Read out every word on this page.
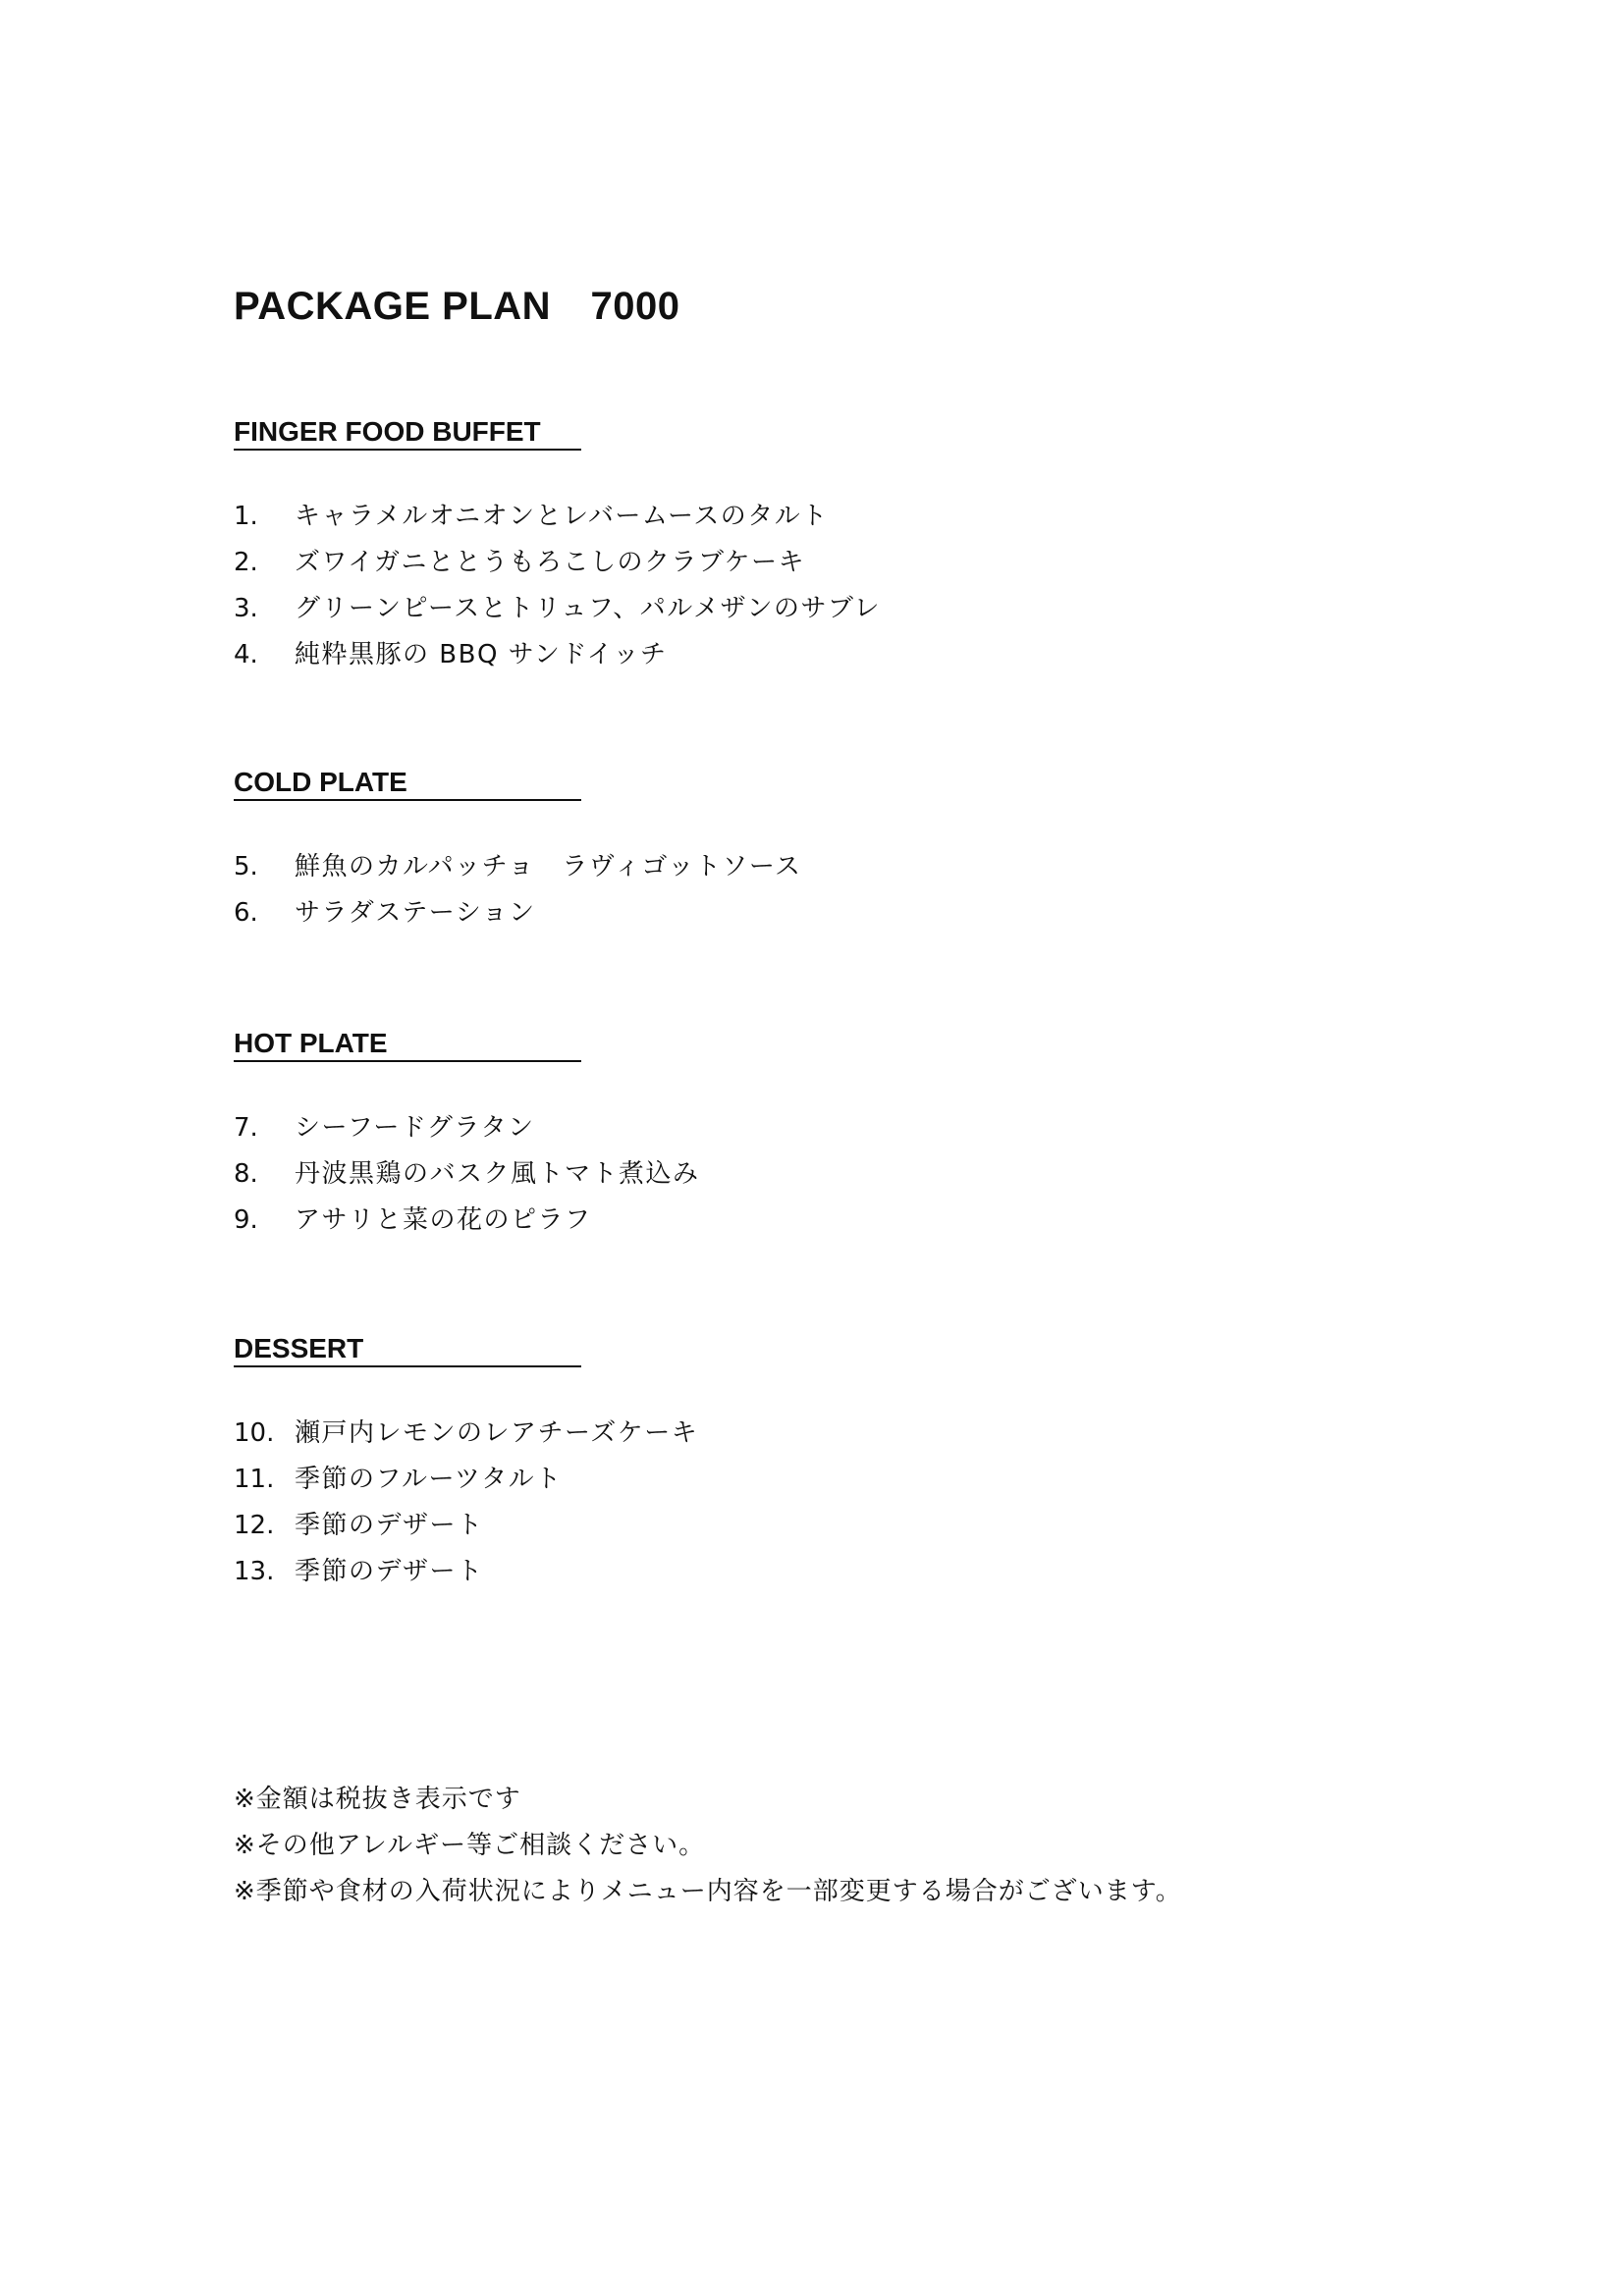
PACKAGE PLAN　7000
FINGER FOOD BUFFET
1. キャラメルオニオンとレバームースのタルト
2. ズワイガニととうもろこしのクラブケーキ
3. グリーンピースとトリュフ、パルメザンのサブレ
4. 純粋黒豚の BBQ サンドイッチ
COLD PLATE
5. 鮮魚のカルパッチョ　ラヴィゴットソース
6. サラダステーション
HOT PLATE
7. シーフードグラタン
8. 丹波黒鶏のバスク風トマト煮込み
9. アサリと菜の花のピラフ
DESSERT
10. 瀬戸内レモンのレアチーズケーキ
11. 季節のフルーツタルト
12. 季節のデザート
13. 季節のデザート
※金額は税抜き表示です
※その他アレルギー等ご相談ください。
※季節や食材の入荷状況によりメニュー内容を一部変更する場合がございます。
